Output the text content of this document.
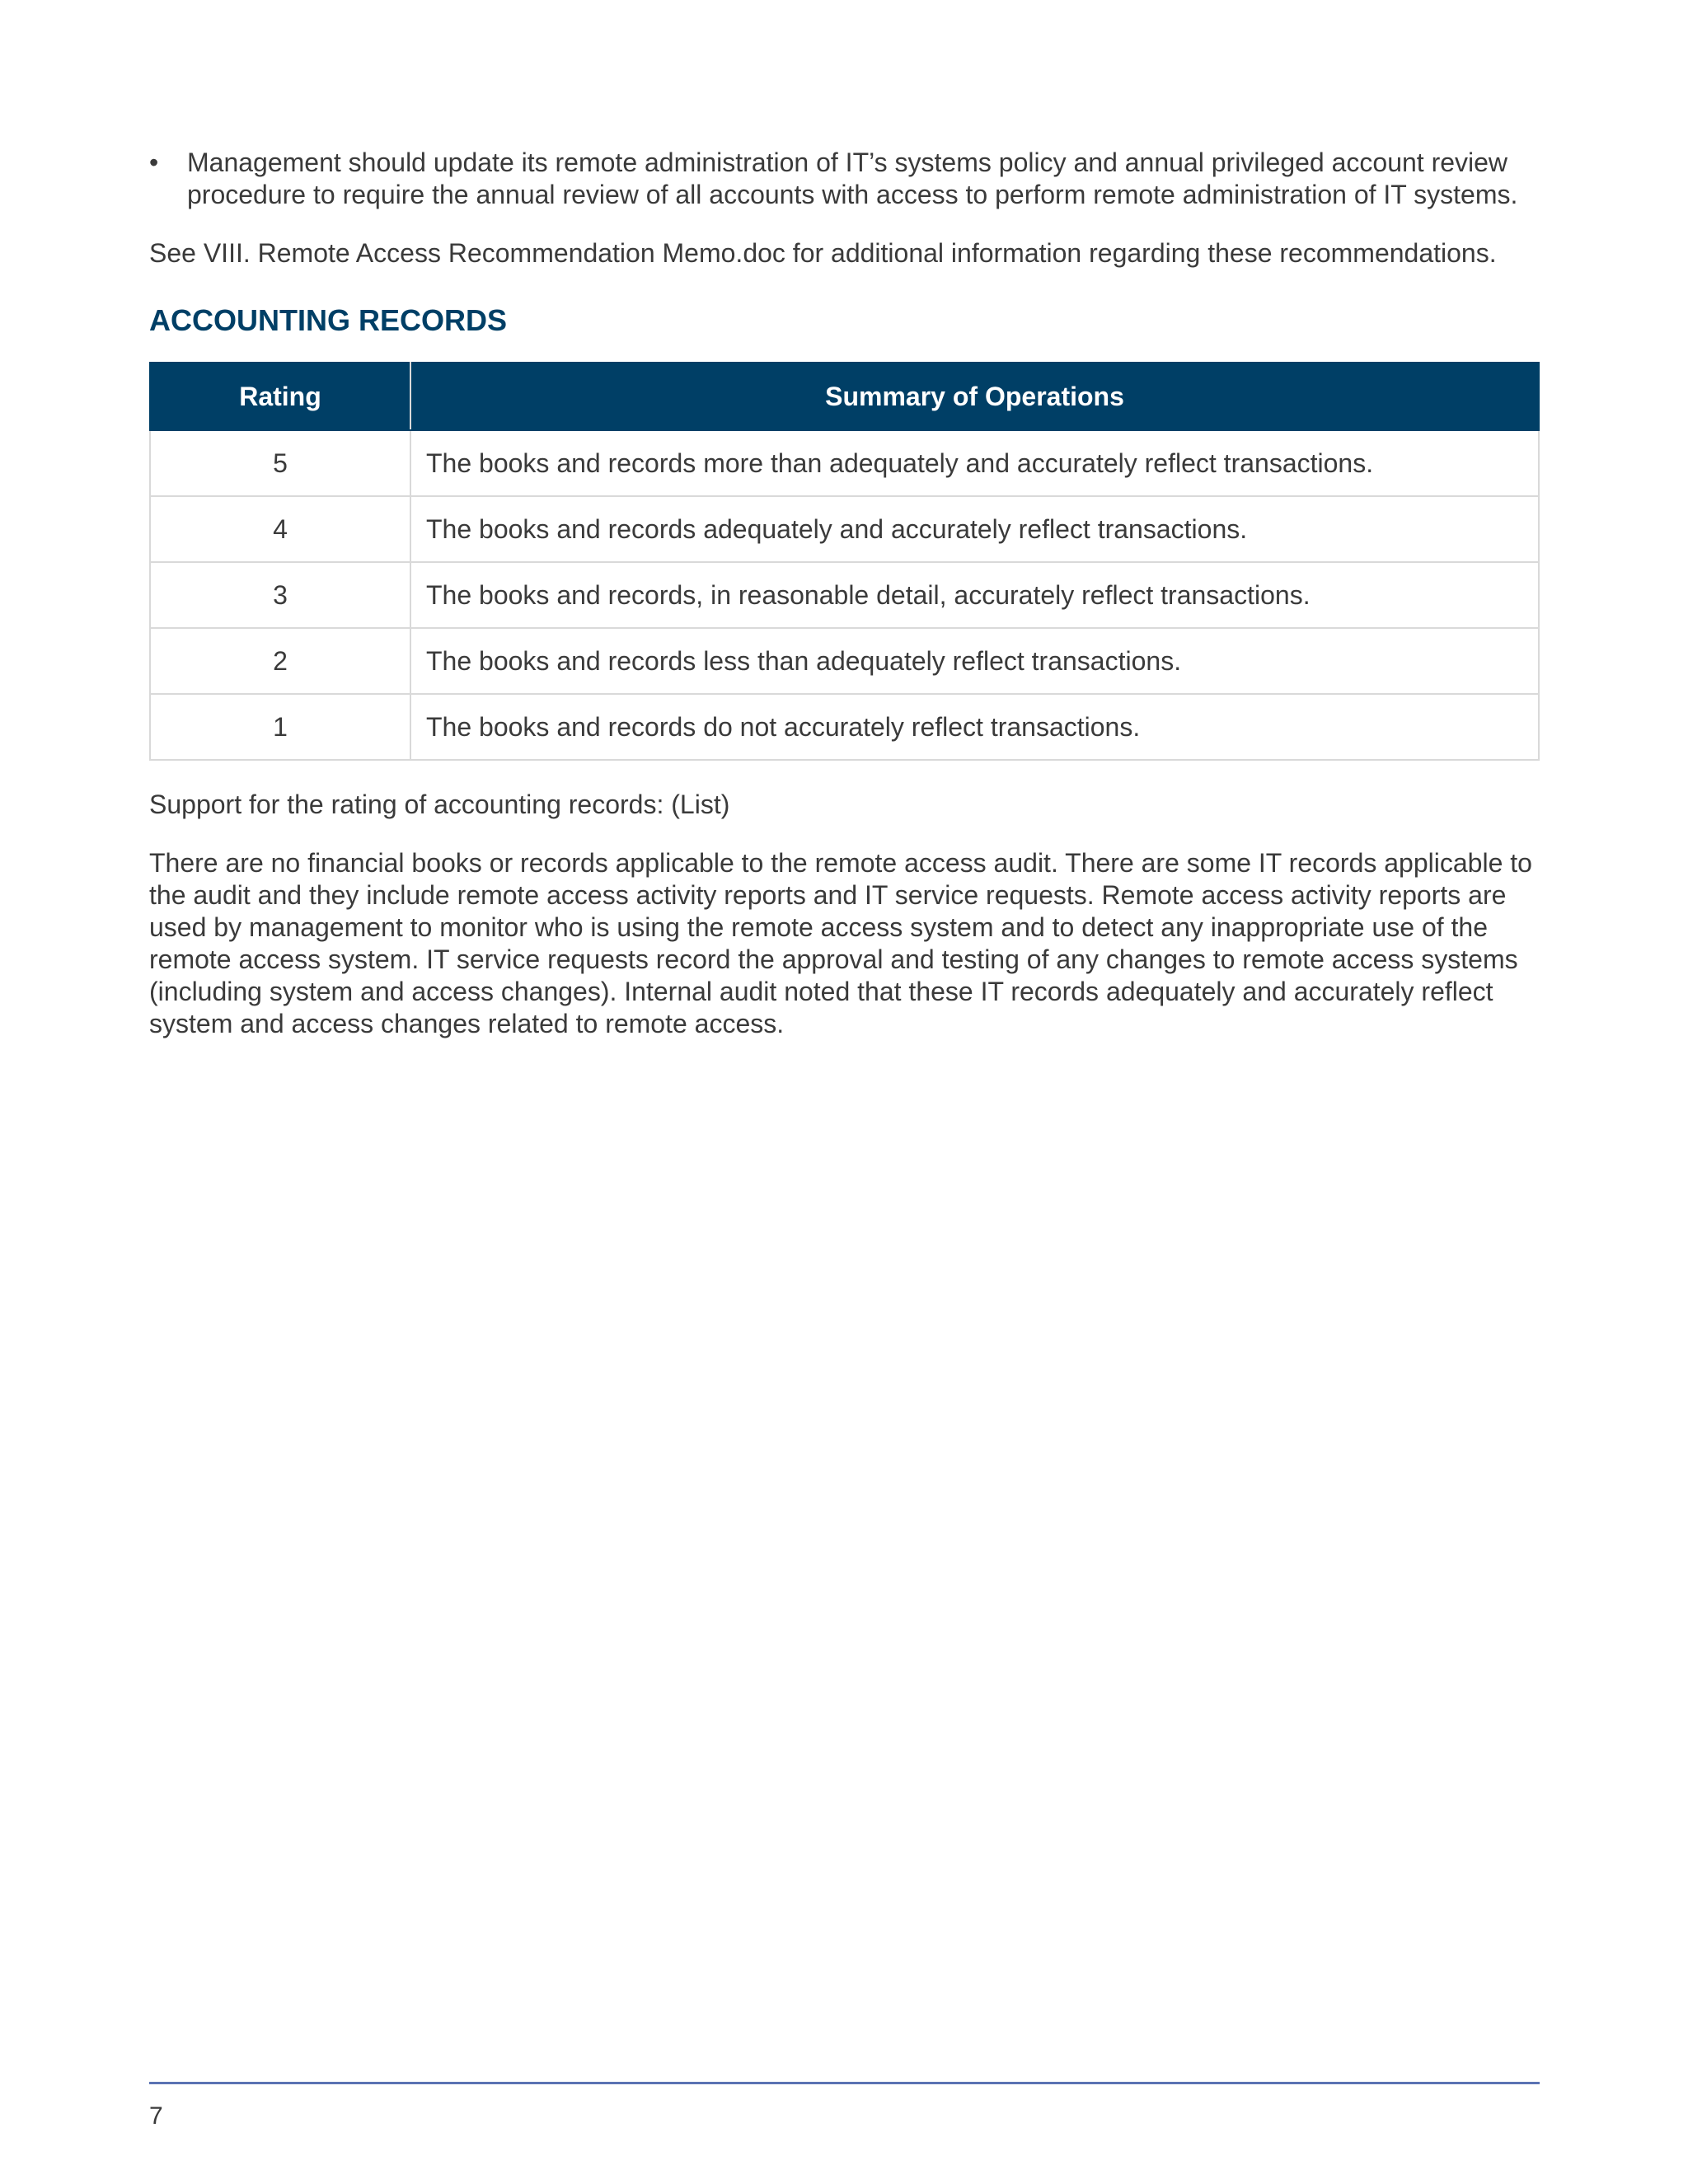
•	Management should update its remote administration of IT’s systems policy and annual privileged account review procedure to require the annual review of all accounts with access to perform remote administration of IT systems.

See VIII. Remote Access Recommendation Memo.doc for additional information regarding these recommendations.

ACCOUNTING RECORDS
Rating	Summary of Operations
5	The books and records more than adequately and accurately reflect transactions.
4	The books and records adequately and accurately reflect transactions.
3	The books and records, in reasonable detail, accurately reflect transactions.
2	The books and records less than adequately reflect transactions.
1	The books and records do not accurately reflect transactions.

Support for the rating of accounting records: (List)

There are no financial books or records applicable to the remote access audit. There are some IT records applicable to the audit and they include remote access activity reports and IT service requests. Remote access activity reports are used by management to monitor who is using the remote access system and to detect any inappropriate use of the remote access system. IT service requests record the approval and testing of any changes to remote access systems (including system and access changes). Internal audit noted that these IT records adequately and accurately reflect system and access changes related to remote access.

7
